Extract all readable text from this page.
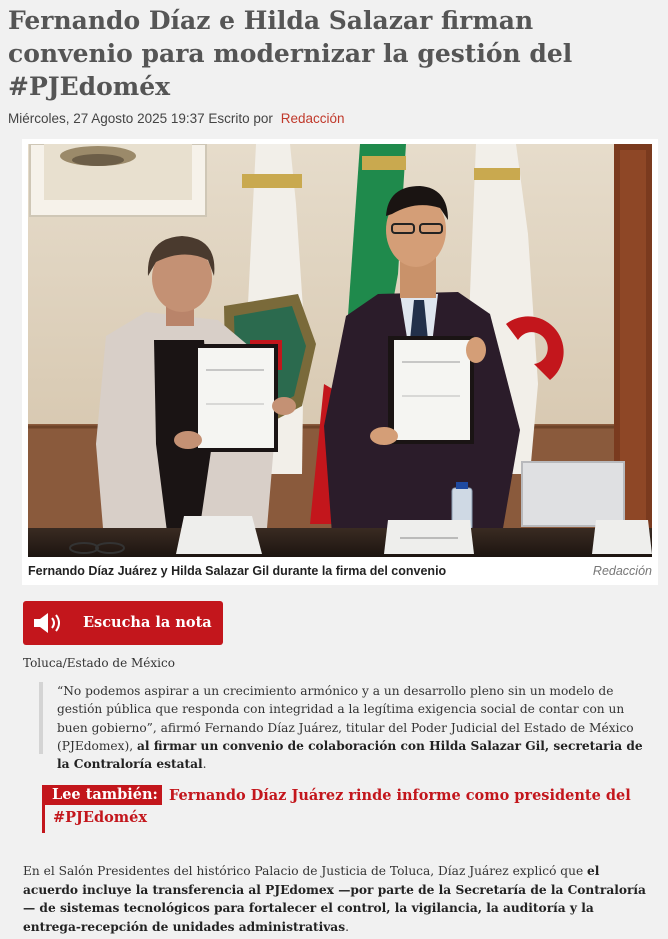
Fernando Díaz e Hilda Salazar firman convenio para modernizar la gestión del #PJEdoméx
Miércoles, 27 Agosto 2025 19:37 Escrito por Redacción
Fernando Díaz Juárez y Hilda Salazar Gil durante la firma del convenio	Redacción
Escucha la nota
Toluca/Estado de México

“No podemos aspirar a un crecimiento armónico y a un desarrollo pleno sin un modelo de gestión pública que responda con integridad a la legítima exigencia social de contar con un buen gobierno”, afirmó Fernando Díaz Juárez, titular del Poder Judicial del Estado de México (PJEdomex), al firmar un convenio de colaboración con Hilda Salazar Gil, secretaria de la Contraloría estatal.

Lee también: Fernando Díaz Juárez rinde informe como presidente del
#PJEdoméx

En el Salón Presidentes del histórico Palacio de Justicia de Toluca, Díaz Juárez explicó que el acuerdo incluye la transferencia al PJEdomex —por parte de la Secretaría de la Contraloría— de sistemas tecnológicos para fortalecer el control, la vigilancia, la auditoría y la entrega-recepción de unidades administrativas.
